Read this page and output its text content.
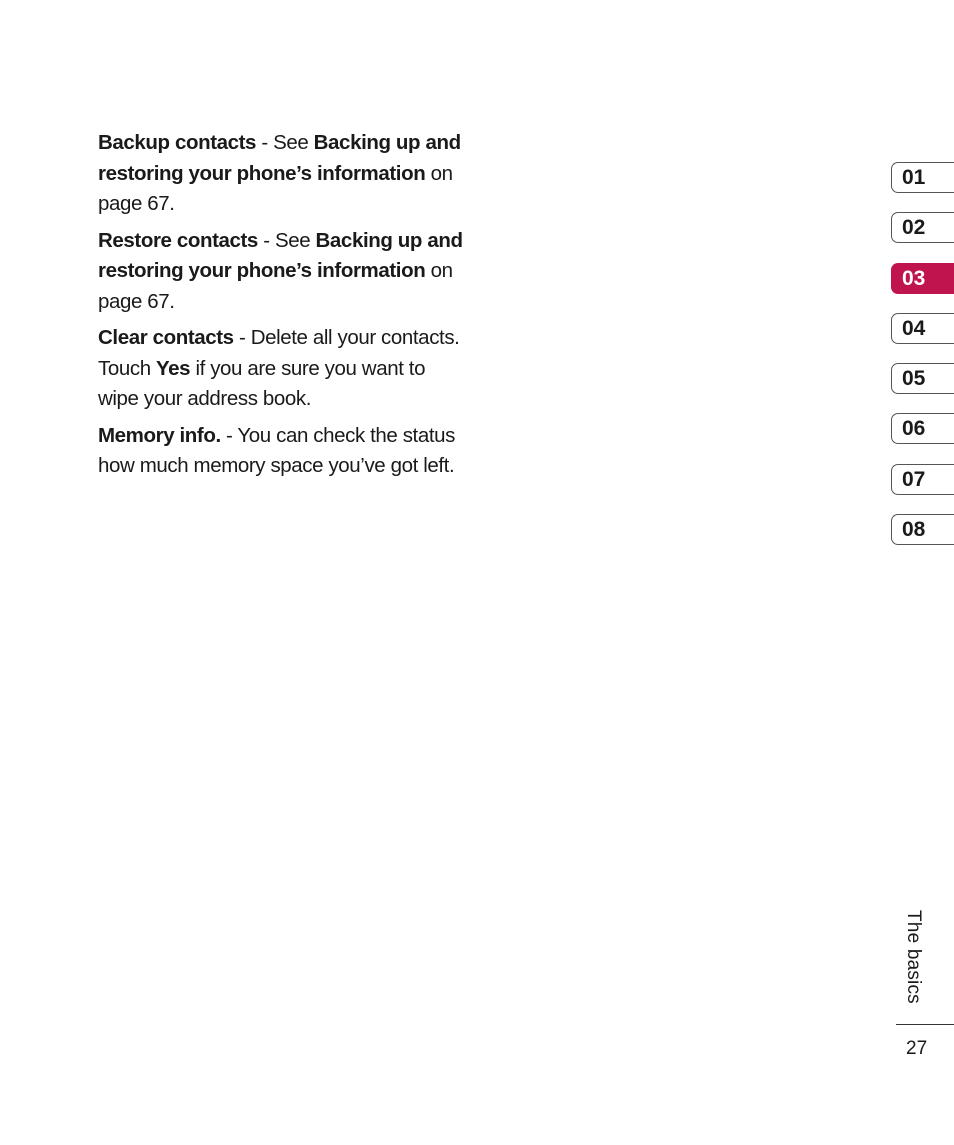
Backup contacts - See Backing up and restoring your phone’s information on page 67.

Restore contacts - See Backing up and restoring your phone’s information on page 67.

Clear contacts - Delete all your contacts. Touch Yes if you are sure you want to wipe your address book.

Memory info. - You can check the status how much memory space you’ve got left.

01
02
03
04
05
06
07
08
The basics
27
